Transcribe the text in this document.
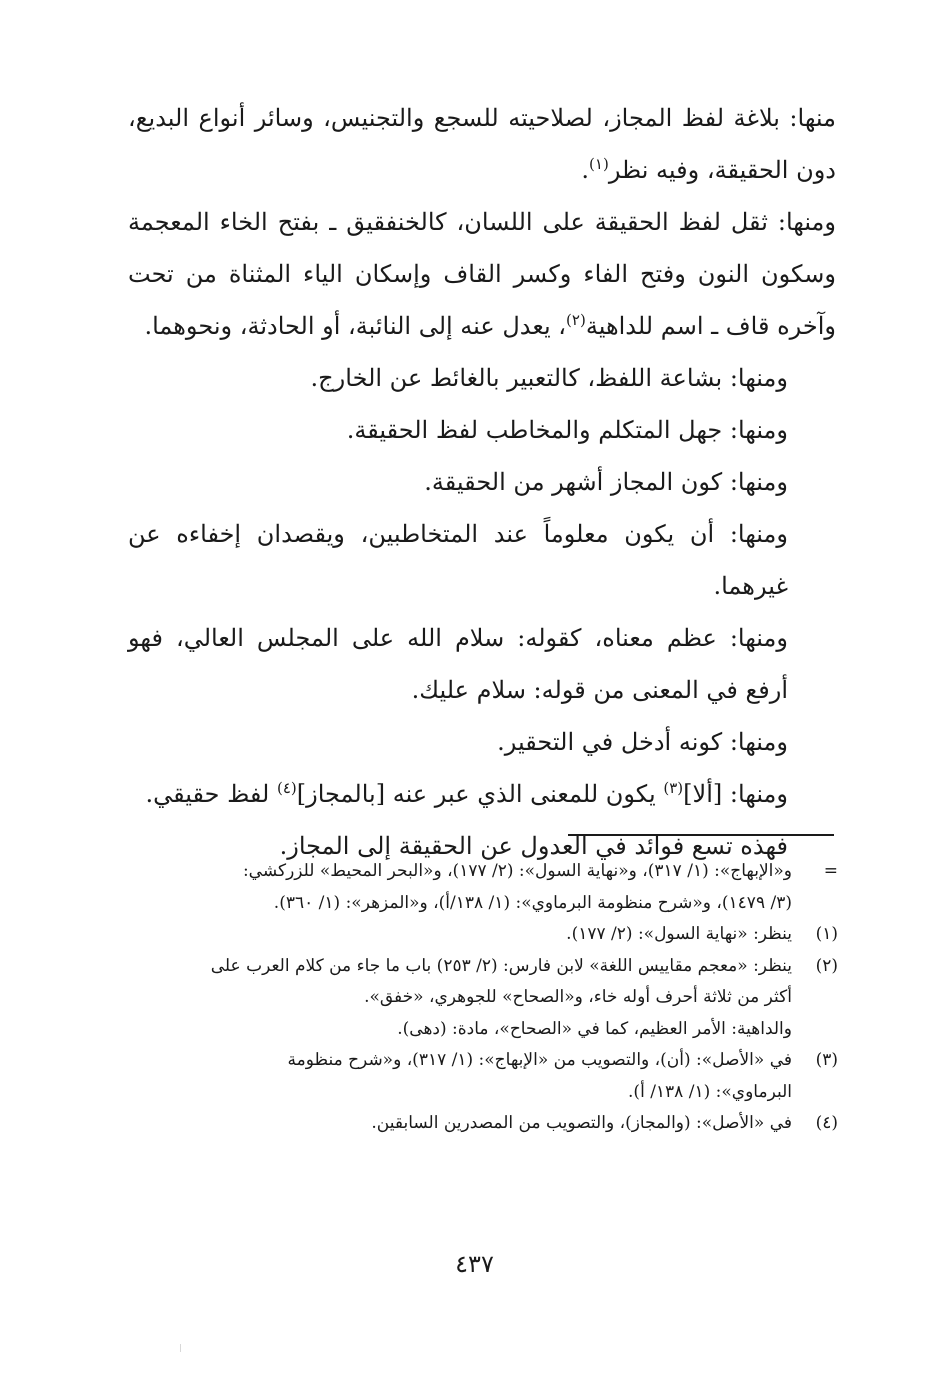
منها: بلاغة لفظ المجاز، لصلاحيته للسجع والتجنيس، وسائر أنواع البديع، دون الحقيقة، وفيه نظر$^{(١)}$.

ومنها: ثقل لفظ الحقيقة على اللسان، كالخنفقيق ـ بفتح الخاء المعجمة وسكون النون وفتح الفاء وكسر القاف وإسكان الياء المثناة من تحت وآخره قاف ـ اسم للداهية$^{(٢)}$، يعدل عنه إلى النائبة، أو الحادثة، ونحوهما.

ومنها: بشاعة اللفظ، كالتعبير بالغائط عن الخارج.

ومنها: جهل المتكلم والمخاطب لفظ الحقيقة.

ومنها: كون المجاز أشهر من الحقيقة.

ومنها: أن يكون معلوماً عند المتخاطبين، ويقصدان إخفاءه عن غيرهما.

ومنها: عظم معناه، كقوله: سلام الله على المجلس العالي، فهو أرفع في المعنى من قوله: سلام عليك.

ومنها: كونه أدخل في التحقير.

ومنها: [ألا]$^{(٣)}$ يكون للمعنى الذي عبر عنه [بالمجاز]$^{(٤)}$ لفظ حقيقي.

فهذه تسع فوائد في العدول عن الحقيقة إلى المجاز.

=
و«الإبهاج»: (١/ ٣١٧)، و«نهاية السول»: (٢/ ١٧٧)، و«البحر المحيط» للزركشي:
(٣/ ١٤٧٩)، و«شرح منظومة البرماوي»: (١/ ١٣٨/أ)، و«المزهر»: (١/ ٣٦٠).
(١)
ينظر: «نهاية السول»: (٢/ ١٧٧).
(٢)
ينظر: «معجم مقاييس اللغة» لابن فارس: (٢/ ٢٥٣) باب ما جاء من كلام العرب على
أكثر من ثلاثة أحرف أوله خاء، و«الصحاح» للجوهري، «خفق».
والداهية: الأمر العظيم، كما في «الصحاح»، مادة: (دهى).
(٣)
في «الأصل»: (أن)، والتصويب من «الإبهاج»: (١/ ٣١٧)، و«شرح منظومة
البرماوي»: (١/ ١٣٨/ أ).
(٤)
في «الأصل»: (والمجاز)، والتصويب من المصدرين السابقين.
٤٣٧
